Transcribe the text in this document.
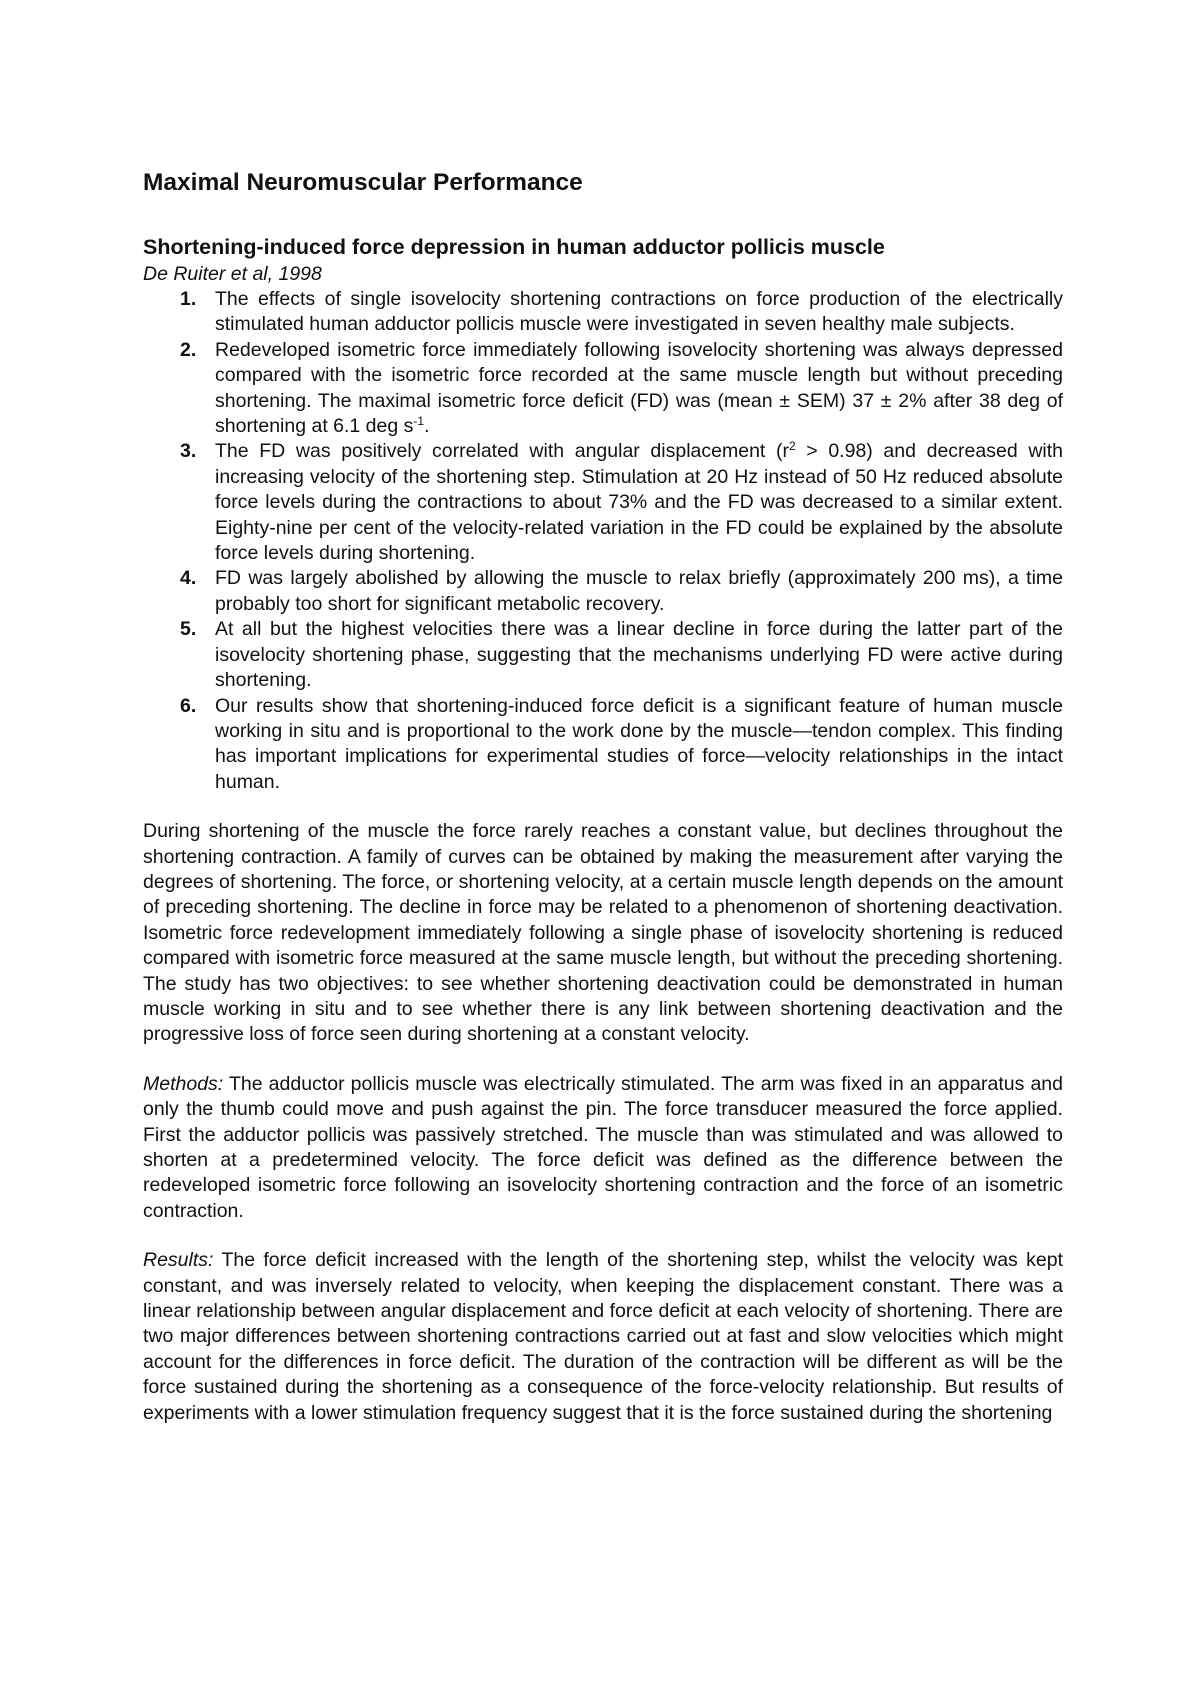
Maximal Neuromuscular Performance
Shortening-induced force depression in human adductor pollicis muscle

De Ruiter et al, 1998

1. The effects of single isovelocity shortening contractions on force production of the electrically stimulated human adductor pollicis muscle were investigated in seven healthy male subjects.
2. Redeveloped isometric force immediately following isovelocity shortening was always depressed compared with the isometric force recorded at the same muscle length but without preceding shortening. The maximal isometric force deficit (FD) was (mean ± SEM) 37 ± 2% after 38 deg of shortening at 6.1 deg $s^{-1}$.
3. The FD was positively correlated with angular displacement $(r^2 > 0.98)$ and decreased with increasing velocity of the shortening step. Stimulation at 20 Hz instead of 50 Hz reduced absolute force levels during the contractions to about 73% and the FD was decreased to a similar extent. Eighty-nine per cent of the velocity-related variation in the FD could be explained by the absolute force levels during shortening.
4. FD was largely abolished by allowing the muscle to relax briefly (approximately 200 ms), a time probably too short for significant metabolic recovery.
5. At all but the highest velocities there was a linear decline in force during the latter part of the isovelocity shortening phase, suggesting that the mechanisms underlying FD were active during shortening.
6. Our results show that shortening-induced force deficit is a significant feature of human muscle working in situ and is proportional to the work done by the muscle—tendon complex. This finding has important implications for experimental studies of force—velocity relationships in the intact human.

During shortening of the muscle the force rarely reaches a constant value, but declines throughout the shortening contraction. A family of curves can be obtained by making the measurement after varying the degrees of shortening. The force, or shortening velocity, at a certain muscle length depends on the amount of preceding shortening. The decline in force may be related to a phenomenon of shortening deactivation. Isometric force redevelopment immediately following a single phase of isovelocity shortening is reduced compared with isometric force measured at the same muscle length, but without the preceding shortening. The study has two objectives: to see whether shortening deactivation could be demonstrated in human muscle working in situ and to see whether there is any link between shortening deactivation and the progressive loss of force seen during shortening at a constant velocity.

Methods: The adductor pollicis muscle was electrically stimulated. The arm was fixed in an apparatus and only the thumb could move and push against the pin. The force transducer measured the force applied. First the adductor pollicis was passively stretched. The muscle than was stimulated and was allowed to shorten at a predetermined velocity. The force deficit was defined as the difference between the redeveloped isometric force following an isovelocity shortening contraction and the force of an isometric contraction.

Results: The force deficit increased with the length of the shortening step, whilst the velocity was kept constant, and was inversely related to velocity, when keeping the displacement constant. There was a linear relationship between angular displacement and force deficit at each velocity of shortening. There are two major differences between shortening contractions carried out at fast and slow velocities which might account for the differences in force deficit. The duration of the contraction will be different as will be the force sustained during the shortening as a consequence of the force-velocity relationship. But results of experiments with a lower stimulation frequency suggest that it is the force sustained during the shortening
